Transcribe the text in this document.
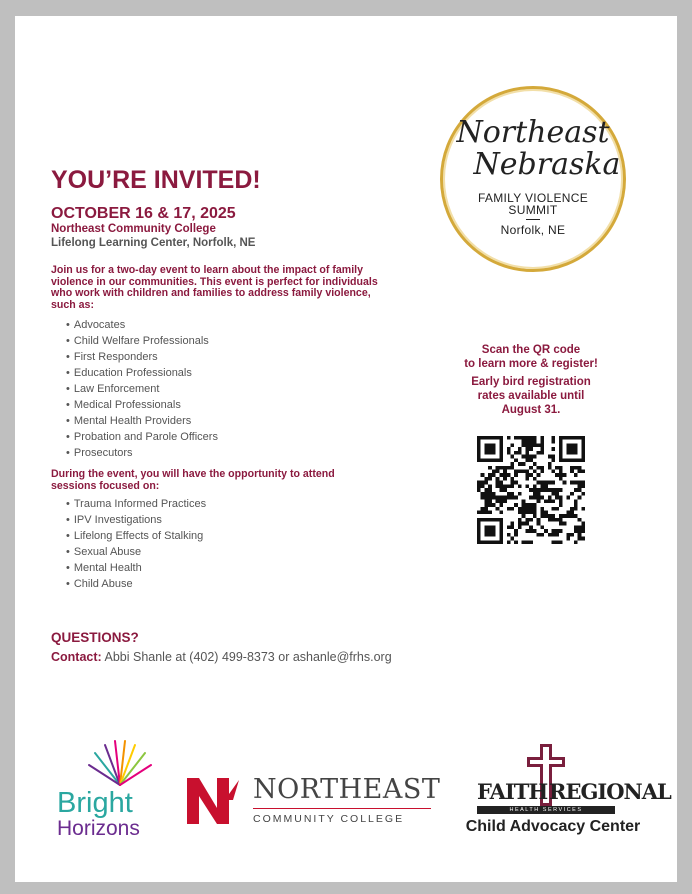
Northeast
Nebraska
FAMILY VIOLENCE
SUMMIT
Norfolk, NE
YOU’RE INVITED!
OCTOBER 16 & 17, 2025
Northeast Community College
Lifelong Learning Center, Norfolk, NE
Join us for a two-day event to learn about the impact of family violence in our communities. This event is perfect for individuals who work with children and families to address family violence, such as:
• Advocates
• Child Welfare Professionals
• First Responders
• Education Professionals
• Law Enforcement
• Medical Professionals
• Mental Health Providers
• Probation and Parole Officers
• Prosecutors
During the event, you will have the opportunity to attend sessions focused on:
• Trauma Informed Practices
• IPV Investigations
• Lifelong Effects of Stalking
• Sexual Abuse
• Mental Health
• Child Abuse
QUESTIONS?
Contact: Abbi Shanle at (402) 499-8373 or ashanle@frhs.org
Scan the QR code
to learn more & register!
Early bird registration
rates available until
August 31.
Bright
Horizons
NORTHEAST
COMMUNITY COLLEGE
FAITH REGIONAL
HEALTH SERVICES
Child Advocacy Center
